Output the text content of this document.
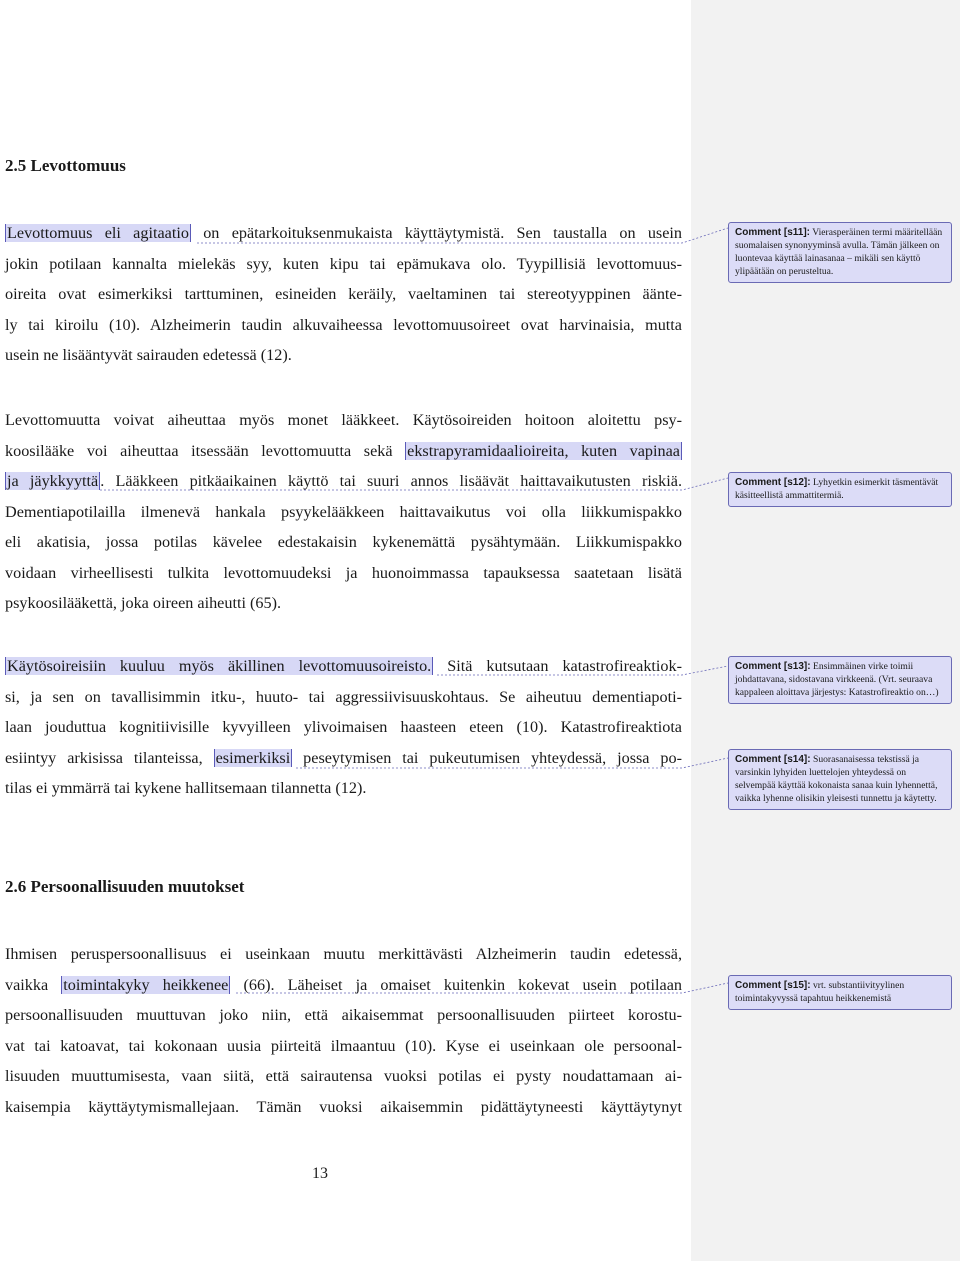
2.5 Levottomuus
Levottomuus eli agitaatio on epätarkoituksenmukaista käyttäytymistä. Sen taustalla on usein
jokin potilaan kannalta mielekäs syy, kuten kipu tai epämukava olo. Tyypillisiä levottomuus-
oireita ovat esimerkiksi tarttuminen, esineiden keräily, vaeltaminen tai stereotyyppinen äänte-
ly tai kiroilu (10). Alzheimerin taudin alkuvaiheessa levottomuusoireet ovat harvinaisia, mutta
usein ne lisääntyvät sairauden edetessä (12).
Levottomuutta voivat aiheuttaa myös monet lääkkeet. Käytösoireiden hoitoon aloitettu psy-
koosilääke voi aiheuttaa itsessään levottomuutta sekä ekstrapyramidaalioireita, kuten vapinaa
ja jäykkyyttä . Lääkkeen pitkäaikainen käyttö tai suuri annos lisäävät haittavaikutusten riskiä.
Dementiapotilailla ilmenevä hankala psyykelääkkeen haittavaikutus voi olla liikkumispakko
eli akatisia, jossa potilas kävelee edestakaisin kykenemättä pysähtymään. Liikkumispakko
voidaan virheellisesti tulkita levottomuudeksi ja huonoimmassa tapauksessa saatetaan lisätä
psykoosilääkettä, joka oireen aiheutti (65).
Käytösoireisiin kuuluu myös äkillinen levottomuusoireisto. Sitä kutsutaan katastrofireaktiok-
si, ja sen on tavallisimmin itku-, huuto- tai aggressiivisuuskohtaus. Se aiheutuu dementiapoti-
laan jouduttua kognitiivisille kyvyilleen ylivoimaisen haasteen eteen (10). Katastrofireaktiota
esiintyy arkisissa tilanteissa, esimerkiksi peseytymisen tai pukeutumisen yhteydessä, jossa po-
tilas ei ymmärrä tai kykene hallitsemaan tilannetta (12).
2.6 Persoonallisuuden muutokset
Ihmisen peruspersoonallisuus ei useinkaan muutu merkittävästi Alzheimerin taudin edetessä,
vaikka toimintakyky heikkenee (66). Läheiset ja omaiset kuitenkin kokevat usein potilaan
persoonallisuuden muuttuvan joko niin, että aikaisemmat persoonallisuuden piirteet korostu-
vat tai katoavat, tai kokonaan uusia piirteitä ilmaantuu (10). Kyse ei useinkaan ole persoonal-
lisuuden muuttumisesta, vaan siitä, että sairautensa vuoksi potilas ei pysty noudattamaan ai-
kaisempia käyttäytymismallejaan. Tämän vuoksi aikaisemmin pidättäytyneesti käyttäytynyt
Comment [s11]: Vierasperäinen termi määritellään suomalaisen synonyyminsä avulla. Tämän jälkeen on luontevaa käyttää lainasanaa – mikäli sen käyttö ylipäätään on perusteltua.
Comment [s12]: Lyhyetkin esimerkit täsmentävät käsitteellistä ammattitermiä.
Comment [s13]: Ensimmäinen virke toimii johdattavana, sidostavana virkkeenä. (Vrt. seuraava kappaleen aloittava järjestys: Katastrofireaktio on…)
Comment [s14]: Suorasanaisessa tekstissä ja varsinkin lyhyiden luettelojen yhteydessä on selvempää käyttää kokonaista sanaa kuin lyhennettä, vaikka lyhenne olisikin yleisesti tunnettu ja käytetty.
Comment [s15]: vrt. substantiivityylinen toimintakyvyssä tapahtuu heikkenemistä
13
